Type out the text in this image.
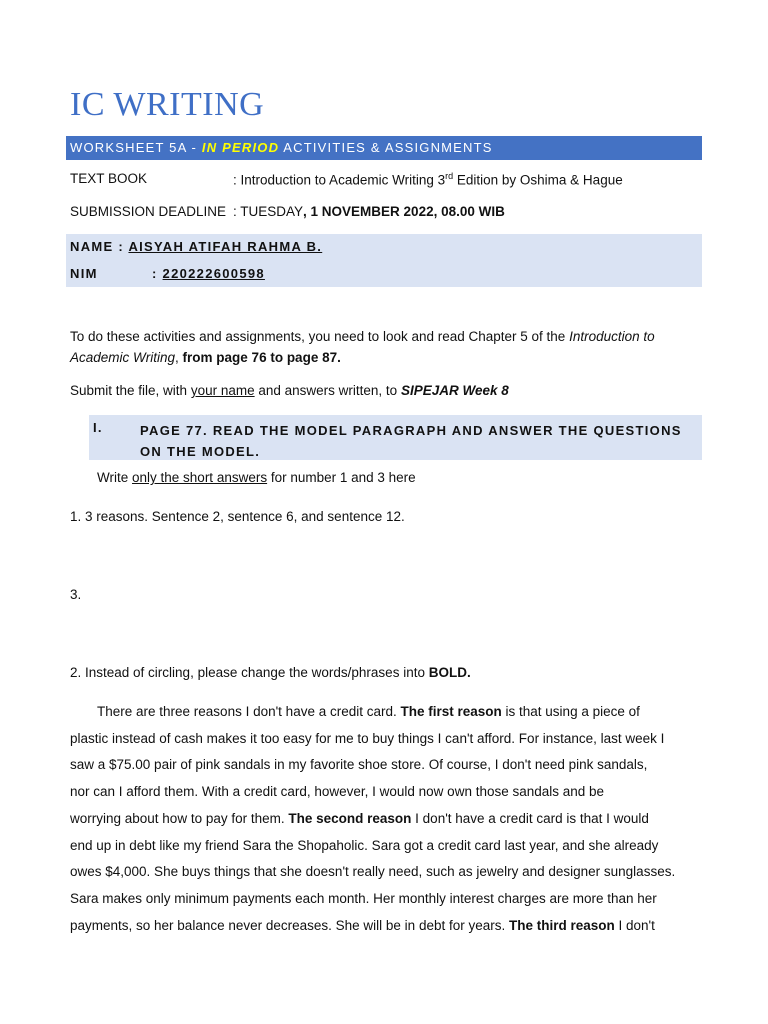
IC WRITING
WORKSHEET 5A - IN PERIOD ACTIVITIES & ASSIGNMENTS
TEXT BOOK	: Introduction to Academic Writing 3rd Edition by Oshima & Hague
SUBMISSION DEADLINE : TUESDAY, 1 NOVEMBER 2022, 08.00 WIB
NAME : AISYAH ATIFAH RAHMA B.
NIM	: 220222600598
To do these activities and assignments, you need to look and read Chapter 5 of the Introduction to
Academic Writing, from page 76 to page 87.
Submit the file, with your name and answers written, to SIPEJAR Week 8
I.	PAGE 77. READ THE MODEL PARAGRAPH AND ANSWER THE QUESTIONS ON THE MODEL.
Write only the short answers for number 1 and 3 here
1. 3 reasons. Sentence 2, sentence 6, and sentence 12.
3.
2. Instead of circling, please change the words/phrases into BOLD.
There are three reasons I don't have a credit card. The first reason is that using a piece of
plastic instead of cash makes it too easy for me to buy things I can't afford. For instance, last week I
saw a $75.00 pair of pink sandals in my favorite shoe store. Of course, I don't need pink sandals,
nor can I afford them. With a credit card, however, I would now own those sandals and be
worrying about how to pay for them. The second reason I don't have a credit card is that I would
end up in debt like my friend Sara the Shopaholic. Sara got a credit card last year, and she already
owes $4,000. She buys things that she doesn't really need, such as jewelry and designer sunglasses.
Sara makes only minimum payments each month. Her monthly interest charges are more than her
payments, so her balance never decreases. She will be in debt for years. The third reason I don't
